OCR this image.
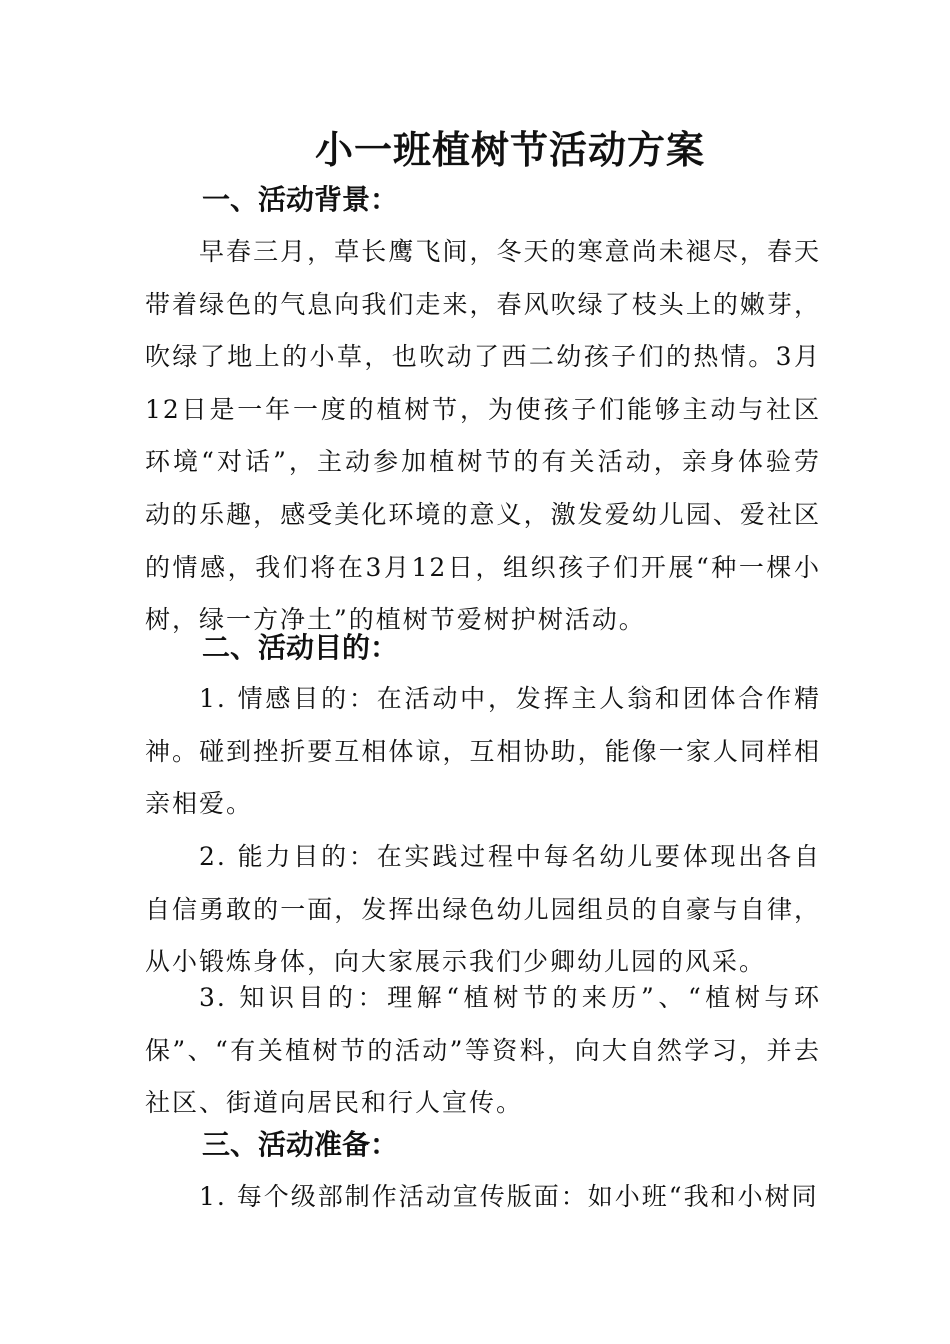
小一班植树节活动方案
一、活动背景：

早春三月，草长鹰飞间，冬天的寒意尚未褪尽，春天带着绿色的气息向我们走来，春风吹绿了枝头上的嫩芽，吹绿了地上的小草，也吹动了西二幼孩子们的热情。3月12日是一年一度的植树节，为使孩子们能够主动与社区环境“对话”，主动参加植树节的有关活动，亲身体验劳动的乐趣，感受美化环境的意义，激发爱幼儿园、爱社区的情感，我们将在3月12日，组织孩子们开展“种一棵小树，绿一方净土”的植树节爱树护树活动。

二、活动目的：

1. 情感目的：在活动中，发挥主人翁和团体合作精神。碰到挫折要互相体谅，互相协助，能像一家人同样相亲相爱。

2. 能力目的：在实践过程中每名幼儿要体现出各自自信勇敢的一面，发挥出绿色幼儿园组员的自豪与自律，从小锻炼身体，向大家展示我们少卿幼儿园的风采。

3. 知识目的：理解“植树节的来历”、“植树与环保”、“有关植树节的活动”等资料，向大自然学习，并去社区、街道向居民和行人宣传。

三、活动准备：

1. 每个级部制作活动宣传版面：如小班“我和小树同
